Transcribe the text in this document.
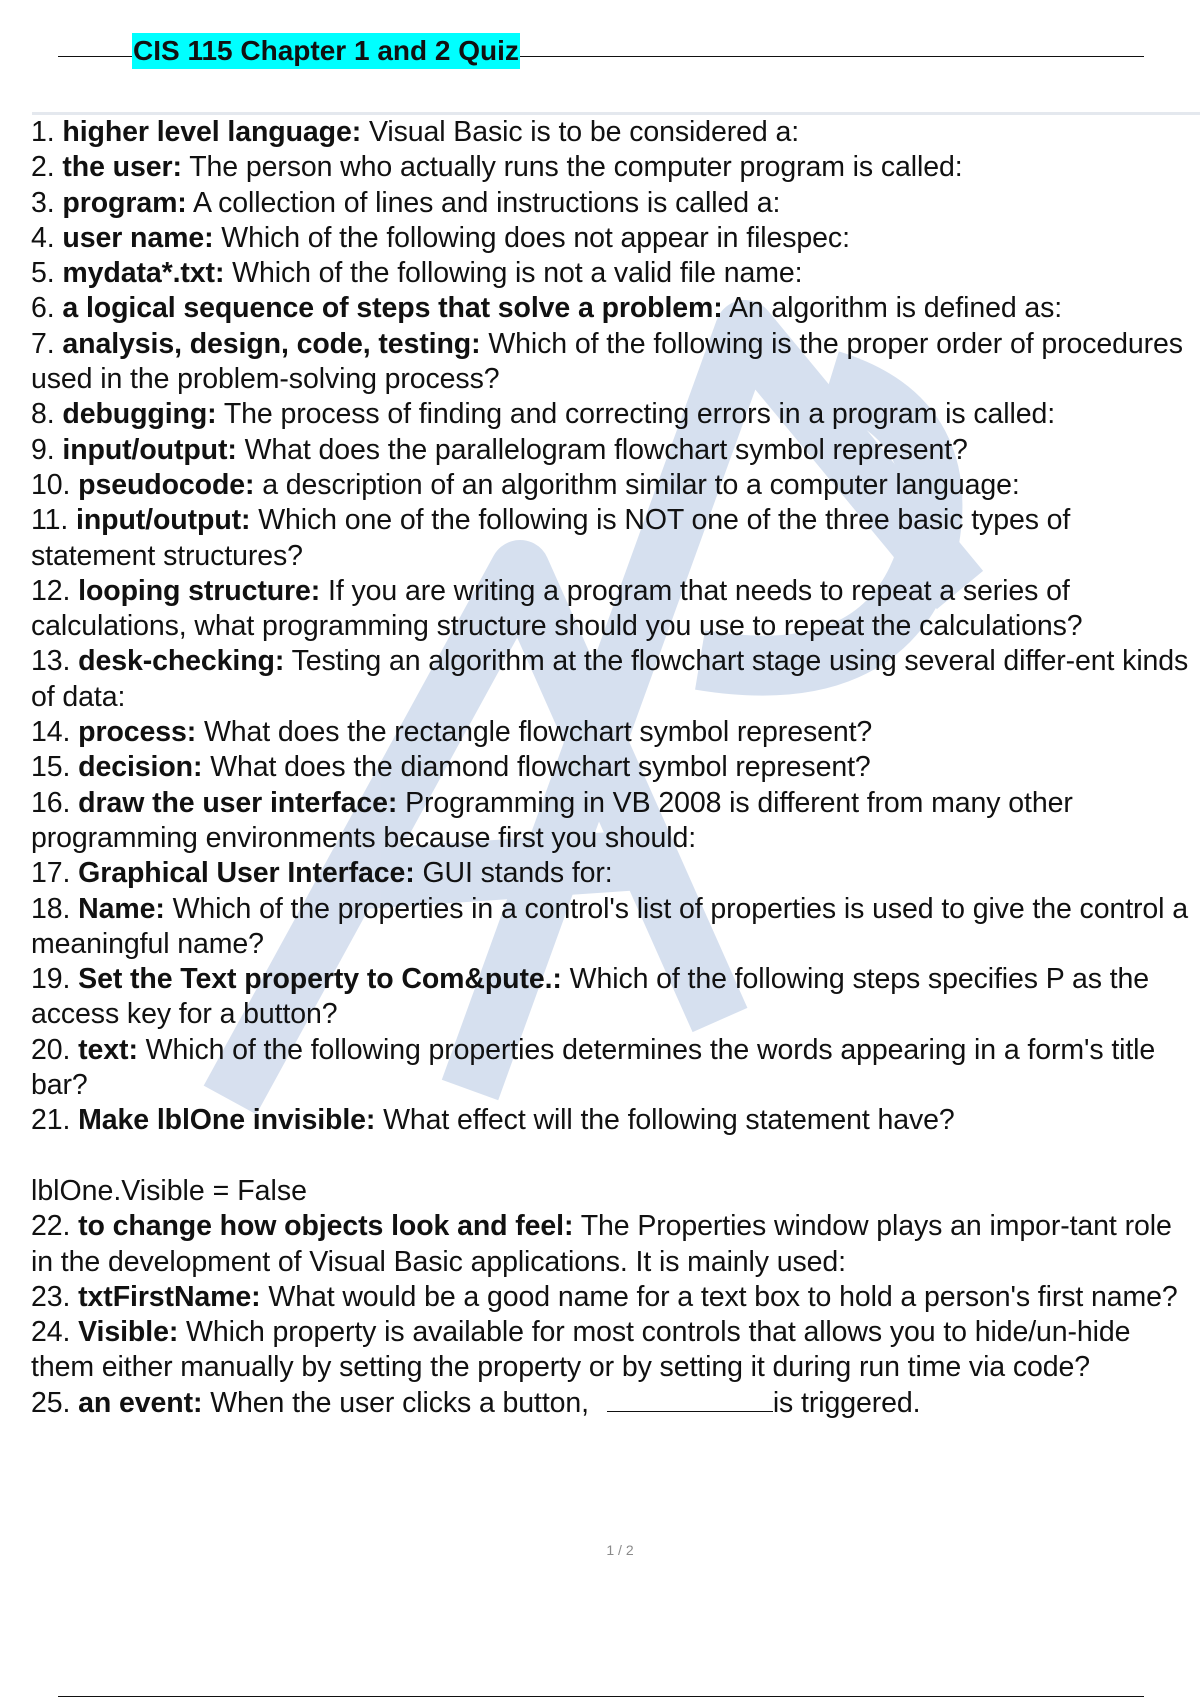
CIS 115 Chapter 1 and 2 Quiz
1. higher level language: Visual Basic is to be considered a:
2. the user: The person who actually runs the computer program is called:
3. program: A collection of lines and instructions is called a:
4. user name: Which of the following does not appear in filespec:
5. mydata*.txt: Which of the following is not a valid file name:
6. a logical sequence of steps that solve a problem: An algorithm is defined as:
7. analysis, design, code, testing: Which of the following is the proper order of procedures used in the problem-solving process?
8. debugging: The process of finding and correcting errors in a program is called:
9. input/output: What does the parallelogram flowchart symbol represent?
10. pseudocode: a description of an algorithm similar to a computer language:
11. input/output: Which one of the following is NOT one of the three basic types of statement structures?
12. looping structure: If you are writing a program that needs to repeat a series of calculations, what programming structure should you use to repeat the calculations?
13. desk-checking: Testing an algorithm at the flowchart stage using several differ-ent kinds of data:
14. process: What does the rectangle flowchart symbol represent?
15. decision: What does the diamond flowchart symbol represent?
16. draw the user interface: Programming in VB 2008 is different from many other programming environments because first you should:
17. Graphical User Interface: GUI stands for:
18. Name: Which of the properties in a control's list of properties is used to give the control a meaningful name?
19. Set the Text property to Com&pute.: Which of the following steps specifies P as the access key for a button?
20. text: Which of the following properties determines the words appearing in a form's title bar?
21. Make lblOne invisible: What effect will the following statement have?
lblOne.Visible = False
22. to change how objects look and feel: The Properties window plays an impor-tant role in the development of Visual Basic applications. It is mainly used:
23. txtFirstName: What would be a good name for a text box to hold a person's first name?
24. Visible: Which property is available for most controls that allows you to hide/un-hide them either manually by setting the property or by setting it during run time via code?
25. an event: When the user clicks a button,	is triggered.
1 / 2
